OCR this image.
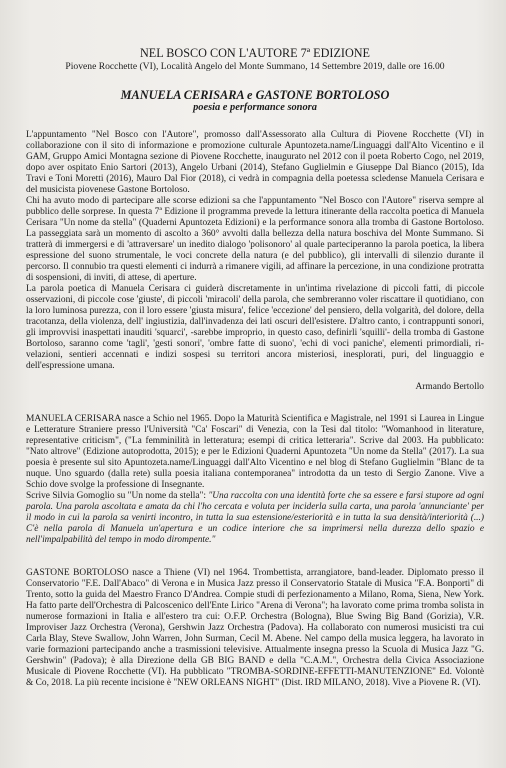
NEL BOSCO CON L'AUTORE 7ª EDIZIONE

Piovene Rocchette (VI), Località Angelo del Monte Summano, 14 Settembre 2019, dalle ore 16.00

MANUELA CERISARA e GASTONE BORTOLOSO

poesia e performance sonora

L'appuntamento "Nel Bosco con l'Autore", promosso dall'Assessorato alla Cultura di Piovene Rocchette (VI) in collaborazione con il sito di informazione e promozione culturale Apuntozeta.name/Linguaggi dall'Alto Vicentino e il GAM, Gruppo Amici Montagna sezione di Piovene Rocchette, inaugurato nel 2012 con il poeta Roberto Cogo, nel 2019, dopo aver ospitato Enio Sartori (2013), Angelo Urbani (2014), Stefano Guglielmin e Giuseppe Dal Bianco (2015), Ida Travi e Toni Moretti (2016), Mauro Dal Fior (2018), ci vedrà in compagnia della poetessa scledense Manuela Cerisara e del musicista piovenese Gastone Bortoloso.

Chi ha avuto modo di partecipare alle scorse edizioni sa che l'appuntamento "Nel Bosco con l'Autore" riserva sempre al pubblico delle sorprese. In questa 7ª Edizione il programma prevede la lettura itinerante della raccolta poetica di Manuela Cerisara "Un nome da stella" (Quaderni Apuntozeta Edizioni) e la performance sonora alla tromba di Gastone Bortoloso. La passeggiata sarà un momento di ascolto a 360° avvolti dalla bellezza della natura boschiva del Monte Summano. Si tratterà di immergersi e di 'attraversare' un inedito dialogo 'polisonoro' al quale parteciperanno la parola poetica, la libera espressione del suono strumentale, le voci concrete della natura (e del pubblico), gli intervalli di silenzio durante il percorso. Il connubio tra questi elementi ci indurrà a rimanere vigili, ad affinare la percezione, in una condizione protratta di sospensioni, di inviti, di attese, di aperture.

La parola poetica di Manuela Cerisara ci guiderà discretamente in un'intima rivelazione di piccoli fatti, di piccole osservazioni, di piccole cose 'giuste', di piccoli 'miracoli' della parola, che sembreranno voler riscattare il quotidiano, con la loro luminosa purezza, con il loro essere 'giusta misura', felice 'eccezione' del pensiero, della volgarità, del dolore, della tracotanza, della violenza, dell' ingiustizia, dall'invadenza dei lati oscuri dell'esistere. D'altro canto, i contrappunti sonori, gli improvvisi inaspettati inauditi 'squarci', -sarebbe improprio, in questo caso, definirli 'squilli'- della tromba di Gastone Bortoloso, saranno come 'tagli', 'gesti sonori', 'ombre fatte di suono', 'echi di voci paniche', elementi primordiali, ri-velazioni, sentieri accennati e indizi sospesi su territori ancora misteriosi, inesplorati, puri, del linguaggio e dell'espressione umana.

Armando Bertollo

MANUELA CERISARA nasce a Schio nel 1965. Dopo la Maturità Scientifica e Magistrale, nel 1991 si Laurea in Lingue e Letterature Straniere presso l'Università "Ca' Foscari" di Venezia, con la Tesi dal titolo: "Womanhood in literature, representative criticism", ("La femminilità in letteratura; esempi di critica letteraria". Scrive dal 2003. Ha pubblicato: "Nato altrove" (Edizione autoprodotta, 2015); e per le Edizioni Quaderni Apuntozeta "Un nome da Stella" (2017). La sua poesia è presente sul sito Apuntozeta.name/Linguaggi dall'Alto Vicentino e nel blog di Stefano Guglielmin "Blanc de ta nuque. Uno sguardo (dalla rete) sulla poesia italiana contemporanea" introdotta da un testo di Sergio Zanone. Vive a Schio dove svolge la professione di Insegnante.

Scrive Silvia Gomoglio su "Un nome da stella": "Una raccolta con una identità forte che sa essere e farsi stupore ad ogni parola. Una parola ascoltata e amata da chi l'ho cercata e voluta per inciderla sulla carta, una parola 'annunciante' per il modo in cui la parola sa venirti incontro, in tutta la sua estensione/esteriorità e in tutta la sua densità/interiorità (...) C'è nella parola di Manuela un'apertura e un codice interiore che sa imprimersi nella durezza dello spazio e nell'impalpabilità del tempo in modo dirompente."

GASTONE BORTOLOSO nasce a Thiene (VI) nel 1964. Trombettista, arrangiatore, band-leader. Diplomato presso il Conservatorio "F.E. Dall'Abaco" di Verona e in Musica Jazz presso il Conservatorio Statale di Musica "F.A. Bonporti" di Trento, sotto la guida del Maestro Franco D'Andrea. Compie studi di perfezionamento a Milano, Roma, Siena, New York. Ha fatto parte dell'Orchestra di Palcoscenico dell'Ente Lirico "Arena di Verona"; ha lavorato come prima tromba solista in numerose formazioni in Italia e all'estero tra cui: O.F.P. Orchestra (Bologna), Blue Swing Big Band (Gorizia), V.R. Improviser Jazz Orchestra (Verona), Gershwin Jazz Orchestra (Padova). Ha collaborato con numerosi musicisti tra cui Carla Blay, Steve Swallow, John Warren, John Surman, Cecil M. Abene. Nel campo della musica leggera, ha lavorato in varie formazioni partecipando anche a trasmissioni televisive. Attualmente insegna presso la Scuola di Musica Jazz "G. Gershwin" (Padova); è alla Direzione della GB BIG BAND e della "C.A.M.", Orchestra della Civica Associazione Musicale di Piovene Rocchette (VI). Ha pubblicato "TROMBA-SORDINE-EFFETTI-MANUTENZIONE" Ed. Volontè & Co, 2018. La più recente incisione è "NEW ORLEANS NIGHT" (Dist. IRD MILANO, 2018). Vive a Piovene R. (VI).
